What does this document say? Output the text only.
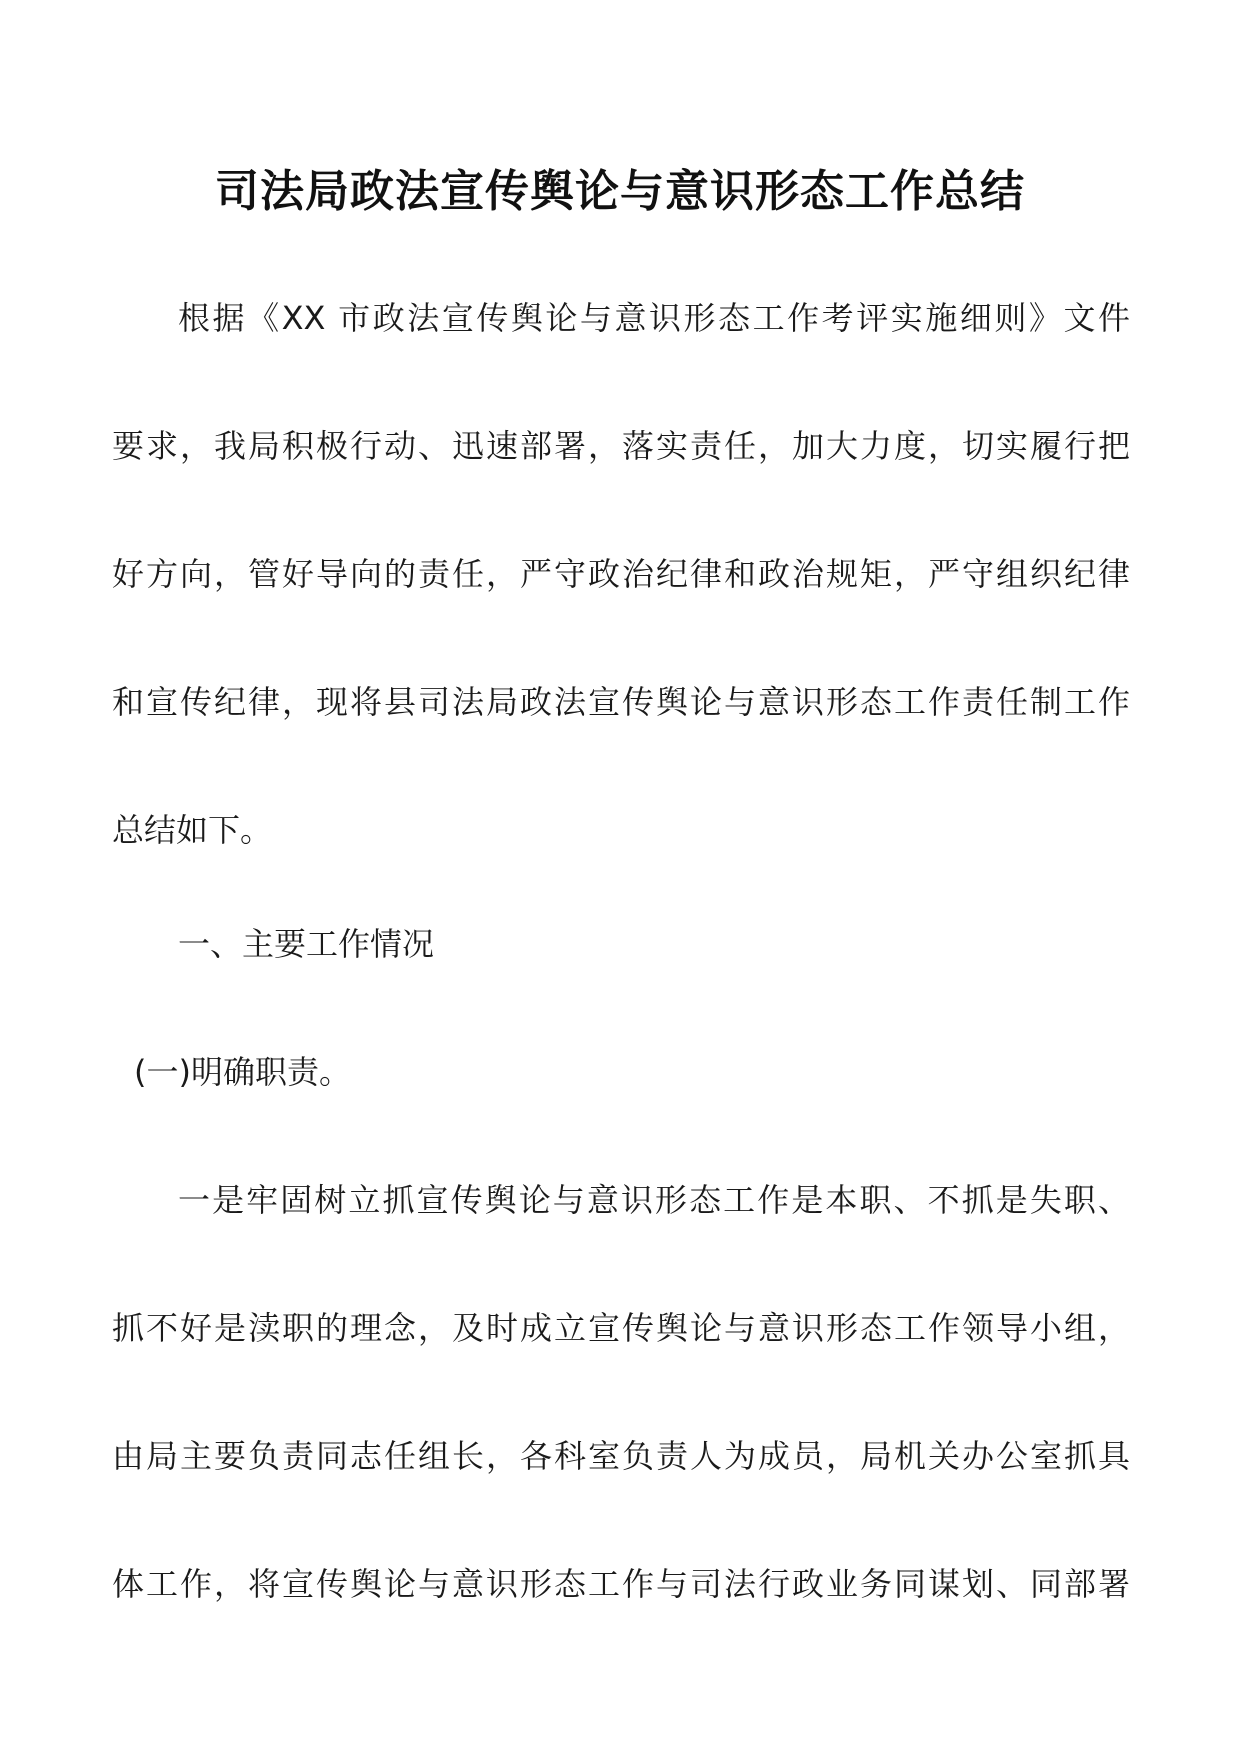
司法局政法宣传舆论与意识形态工作总结
根据《XX 市政法宣传舆论与意识形态工作考评实施细则》文件
要求，我局积极行动、迅速部署，落实责任，加大力度，切实履行把
好方向，管好导向的责任，严守政治纪律和政治规矩，严守组织纪律
和宣传纪律，现将县司法局政法宣传舆论与意识形态工作责任制工作
总结如下。
一、主要工作情况
(一)明确职责。
一是牢固树立抓宣传舆论与意识形态工作是本职、不抓是失职、
抓不好是渎职的理念，及时成立宣传舆论与意识形态工作领导小组，
由局主要负责同志任组长，各科室负责人为成员，局机关办公室抓具
体工作，将宣传舆论与意识形态工作与司法行政业务同谋划、同部署
